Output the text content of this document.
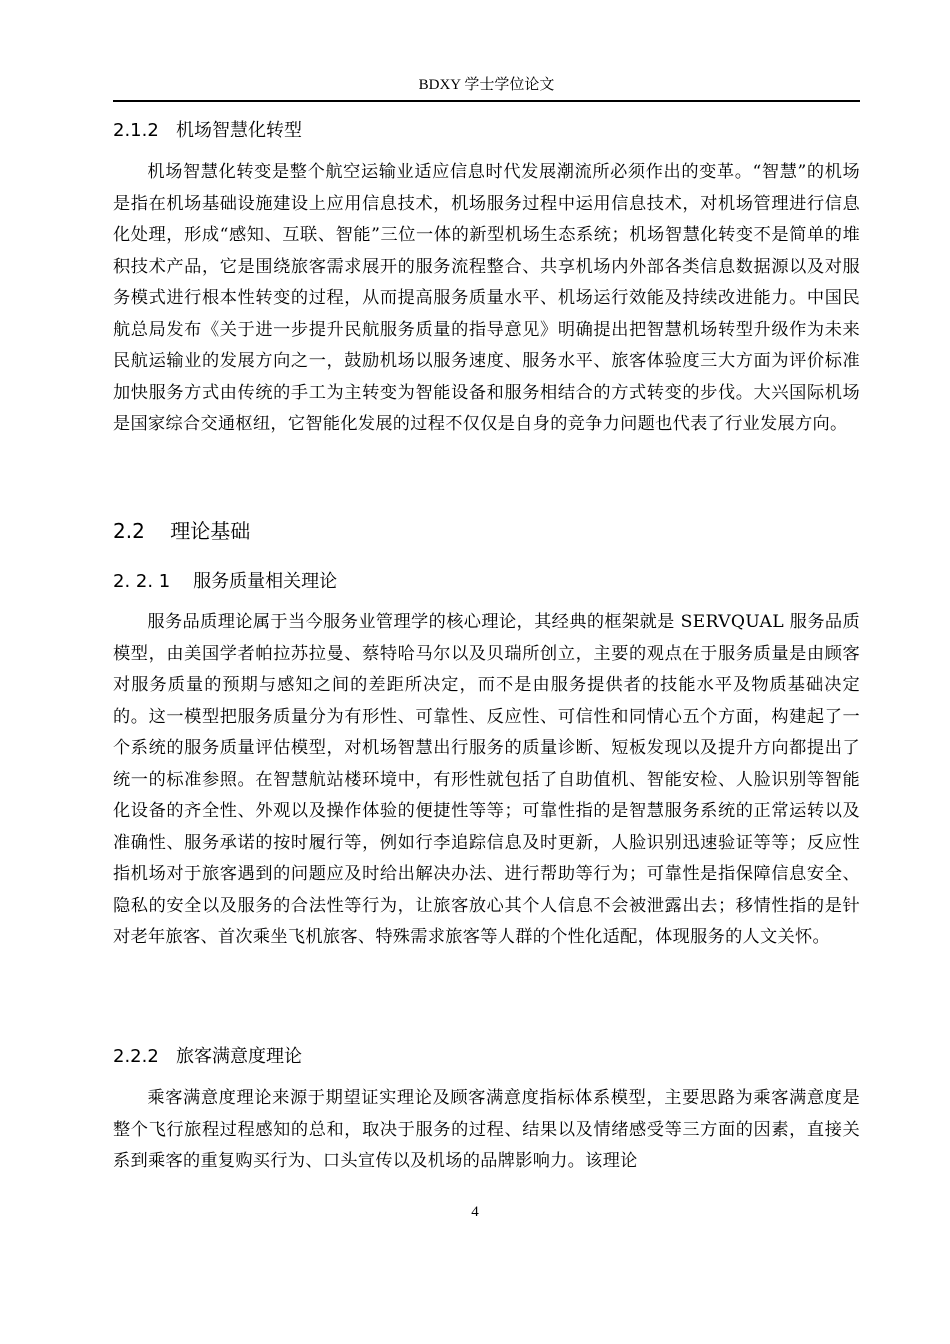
BDXY 学士学位论文
2.1.2   机场智慧化转型

机场智慧化转变是整个航空运输业适应信息时代发展潮流所必须作出的变革。“智慧”的机场是指在机场基础设施建设上应用信息技术，机场服务过程中运用信息技术，对机场管理进行信息化处理，形成“感知、互联、智能”三位一体的新型机场生态系统；机场智慧化转变不是简单的堆积技术产品，它是围绕旅客需求展开的服务流程整合、共享机场内外部各类信息数据源以及对服务模式进行根本性转变的过程，从而提高服务质量水平、机场运行效能及持续改进能力。中国民航总局发布《关于进一步提升民航服务质量的指导意见》明确提出把智慧机场转型升级作为未来民航运输业的发展方向之一，鼓励机场以服务速度、服务水平、旅客体验度三大方面为评价标准加快服务方式由传统的手工为主转变为智能设备和服务相结合的方式转变的步伐。大兴国际机场是国家综合交通枢纽，它智能化发展的过程不仅仅是自身的竞争力问题也代表了行业发展方向。

2.2    理论基础
2. 2. 1    服务质量相关理论

服务品质理论属于当今服务业管理学的核心理论，其经典的框架就是 SERVQUAL 服务品质模型，由美国学者帕拉苏拉曼、蔡特哈马尔以及贝瑞所创立，主要的观点在于服务质量是由顾客对服务质量的预期与感知之间的差距所决定，而不是由服务提供者的技能水平及物质基础决定的。这一模型把服务质量分为有形性、可靠性、反应性、可信性和同情心五个方面，构建起了一个系统的服务质量评估模型，对机场智慧出行服务的质量诊断、短板发现以及提升方向都提出了统一的标准参照。在智慧航站楼环境中，有形性就包括了自助值机、智能安检、人脸识别等智能化设备的齐全性、外观以及操作体验的便捷性等等；可靠性指的是智慧服务系统的正常运转以及准确性、服务承诺的按时履行等，例如行李追踪信息及时更新，人脸识别迅速验证等等；反应性指机场对于旅客遇到的问题应及时给出解决办法、进行帮助等行为；可靠性是指保障信息安全、隐私的安全以及服务的合法性等行为，让旅客放心其个人信息不会被泄露出去；移情性指的是针对老年旅客、首次乘坐飞机旅客、特殊需求旅客等人群的个性化适配，体现服务的人文关怀。

2.2.2   旅客满意度理论

乘客满意度理论来源于期望证实理论及顾客满意度指标体系模型，主要思路为乘客满意度是整个飞行旅程过程感知的总和，取决于服务的过程、结果以及情绪感受等三方面的因素，直接关系到乘客的重复购买行为、口头宣传以及机场的品牌影响力。该理论

4
